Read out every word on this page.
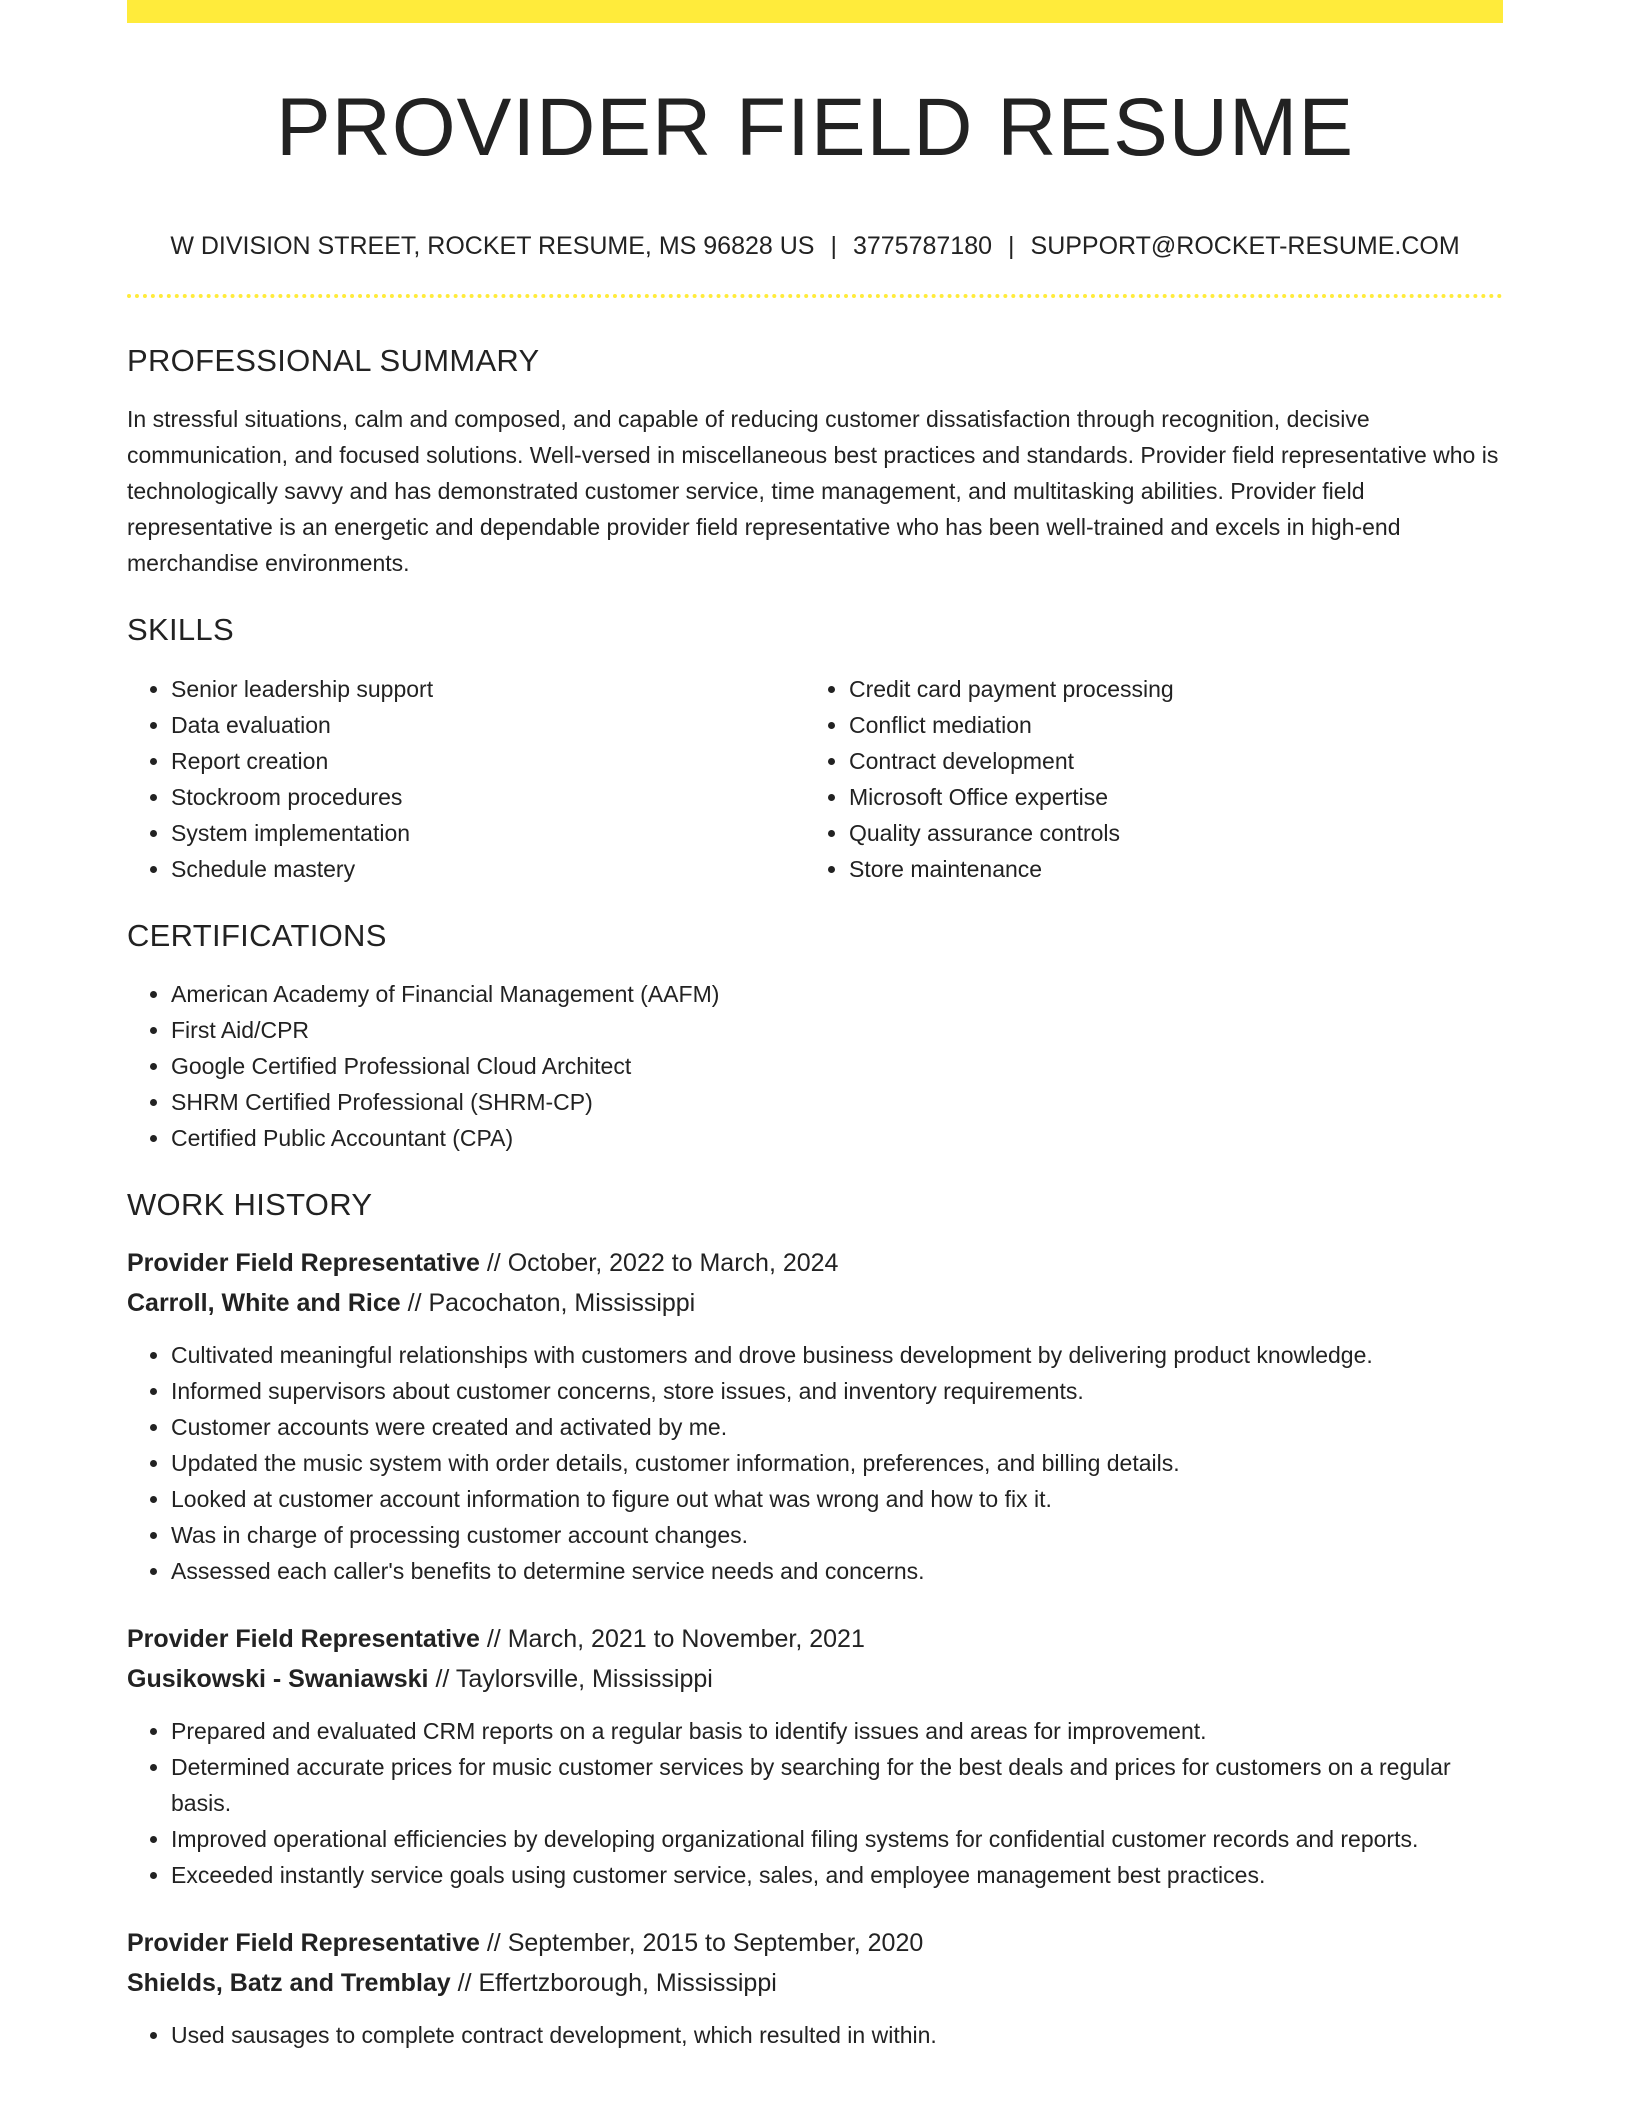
PROVIDER FIELD RESUME
W DIVISION STREET, ROCKET RESUME, MS 96828 US | 3775787180 | SUPPORT@ROCKET-RESUME.COM
PROFESSIONAL SUMMARY

In stressful situations, calm and composed, and capable of reducing customer dissatisfaction through recognition, decisive communication, and focused solutions. Well-versed in miscellaneous best practices and standards. Provider field representative who is technologically savvy and has demonstrated customer service, time management, and multitasking abilities. Provider field representative is an energetic and dependable provider field representative who has been well-trained and excels in high-end merchandise environments.

SKILLS
• Senior leadership support
• Data evaluation
• Report creation
• Stockroom procedures
• System implementation
• Schedule mastery
• Credit card payment processing
• Conflict mediation
• Contract development
• Microsoft Office expertise
• Quality assurance controls
• Store maintenance
CERTIFICATIONS
• American Academy of Financial Management (AAFM)
• First Aid/CPR
• Google Certified Professional Cloud Architect
• SHRM Certified Professional (SHRM-CP)
• Certified Public Accountant (CPA)
WORK HISTORY
Provider Field Representative // October, 2022 to March, 2024
Carroll, White and Rice // Pacochaton, Mississippi
• Cultivated meaningful relationships with customers and drove business development by delivering product knowledge.
• Informed supervisors about customer concerns, store issues, and inventory requirements.
• Customer accounts were created and activated by me.
• Updated the music system with order details, customer information, preferences, and billing details.
• Looked at customer account information to figure out what was wrong and how to fix it.
• Was in charge of processing customer account changes.
• Assessed each caller's benefits to determine service needs and concerns.
Provider Field Representative // March, 2021 to November, 2021
Gusikowski - Swaniawski // Taylorsville, Mississippi
• Prepared and evaluated CRM reports on a regular basis to identify issues and areas for improvement.
• Determined accurate prices for music customer services by searching for the best deals and prices for customers on a regular basis.
• Improved operational efficiencies by developing organizational filing systems for confidential customer records and reports.
• Exceeded instantly service goals using customer service, sales, and employee management best practices.
Provider Field Representative // September, 2015 to September, 2020
Shields, Batz and Tremblay // Effertzborough, Mississippi
• Used sausages to complete contract development, which resulted in within.
